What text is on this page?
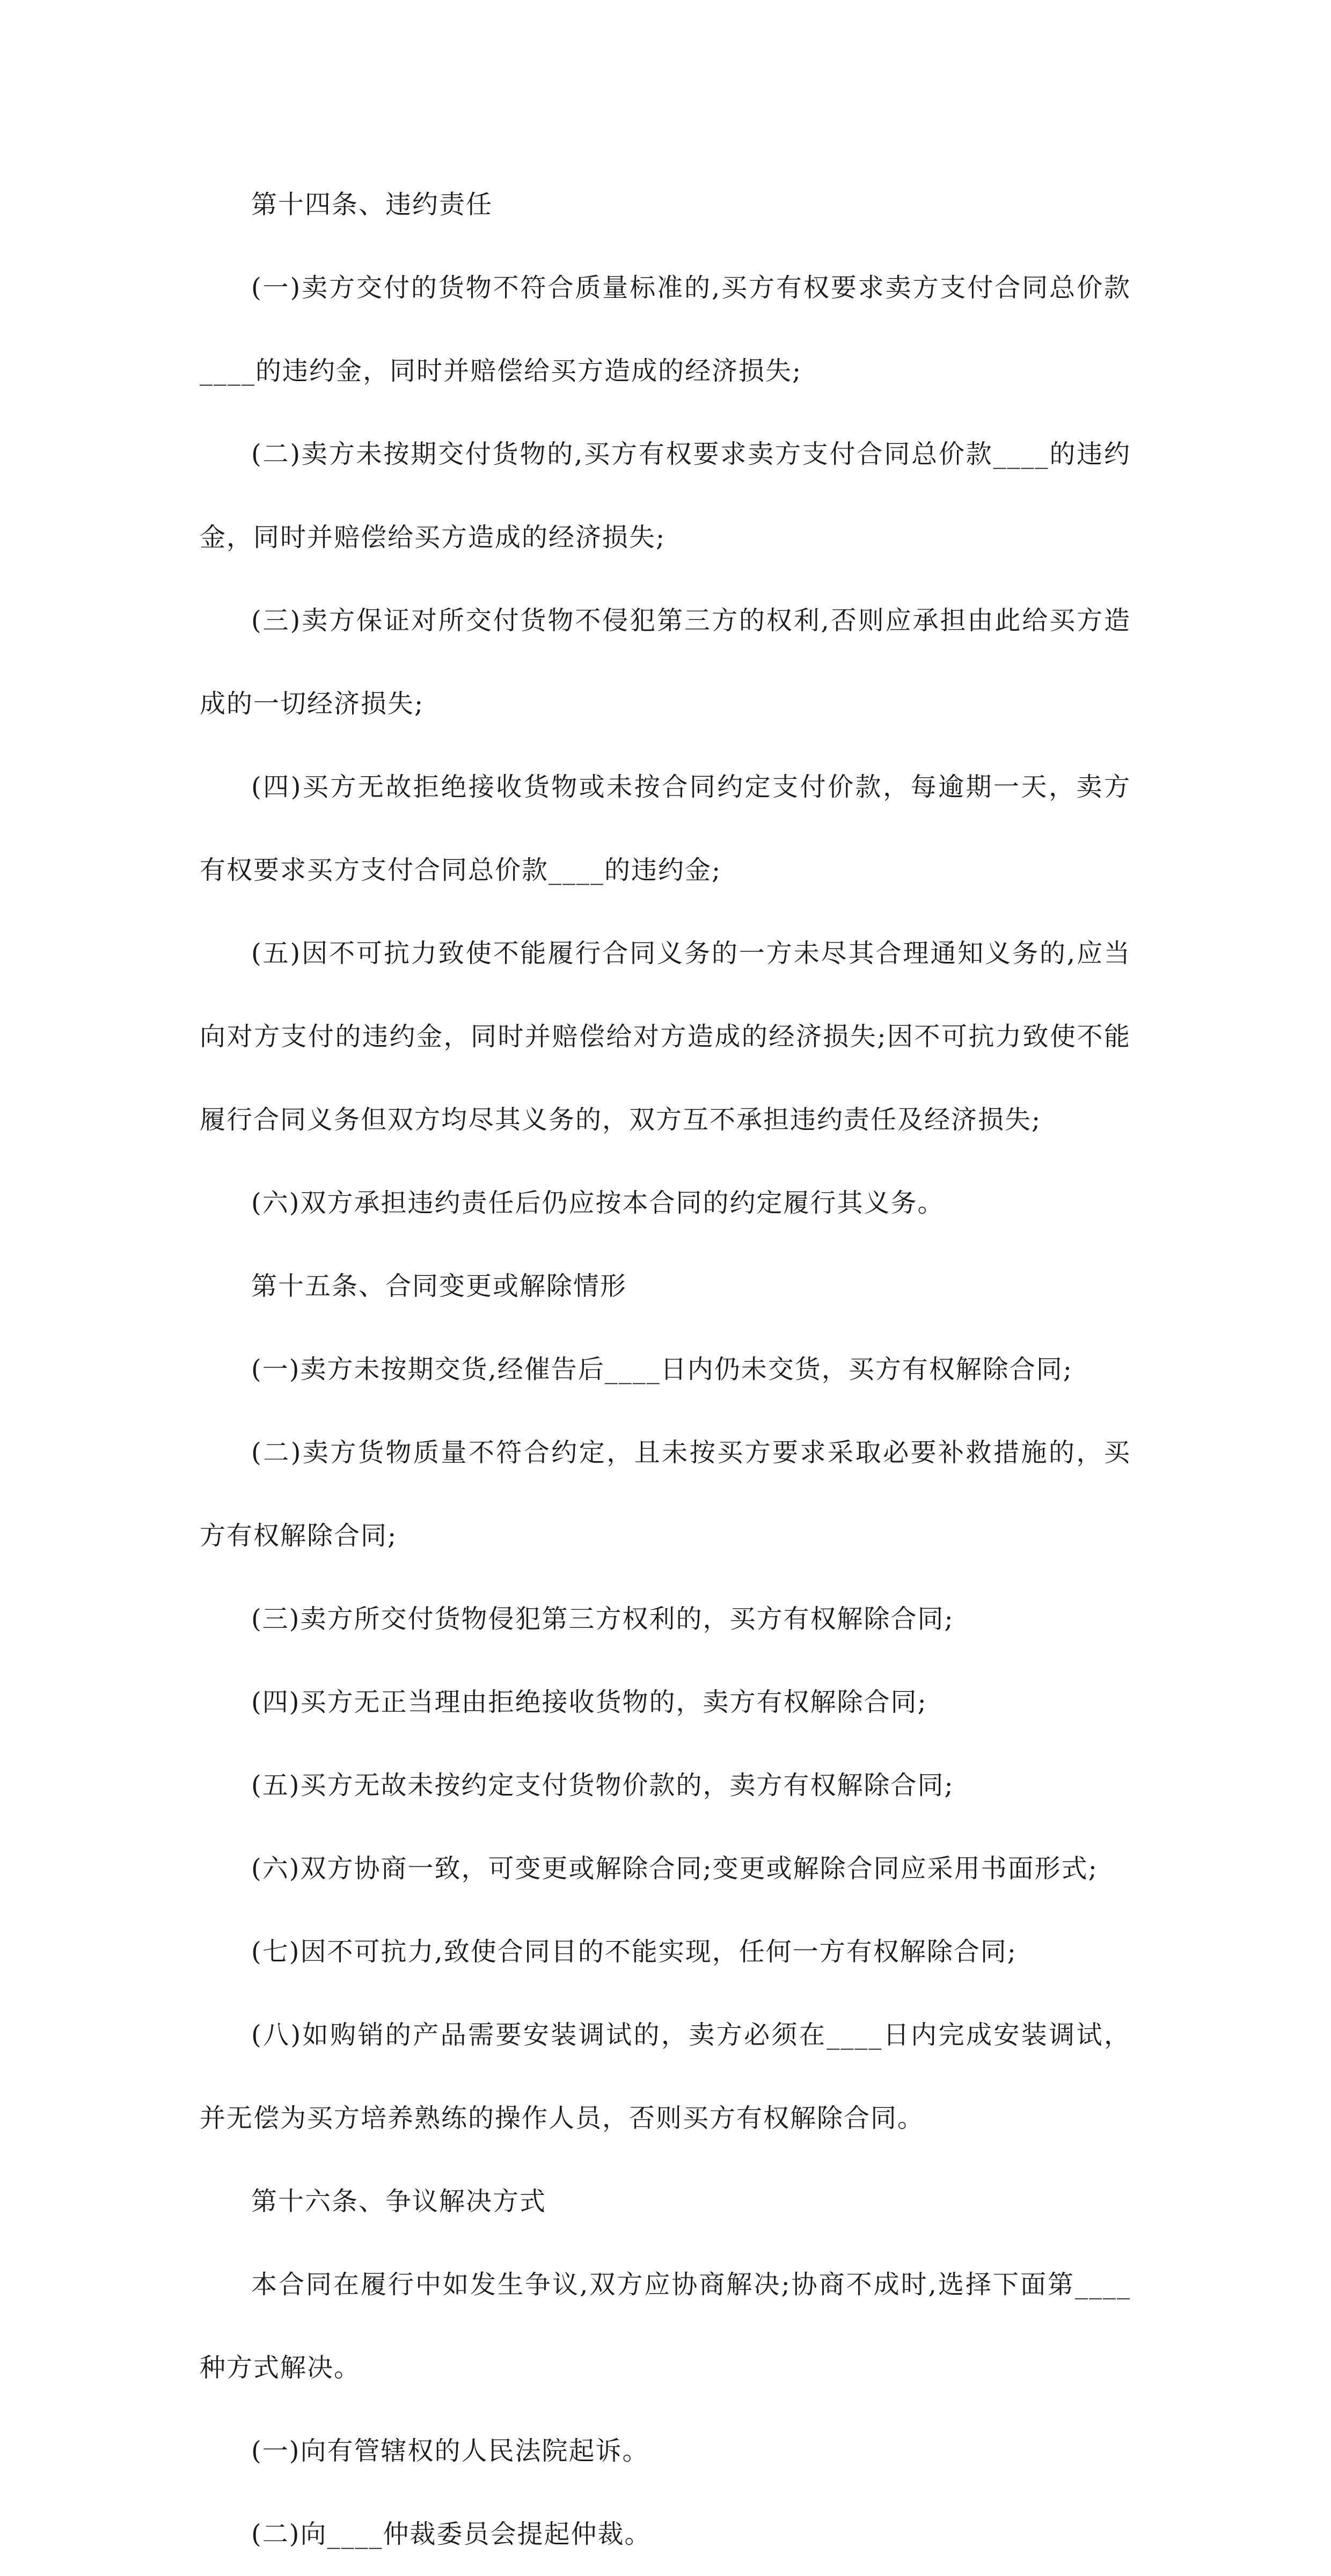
第十四条、违约责任

(一)卖方交付的货物不符合质量标准的,买方有权要求卖方支付合同总价款____的违约金，同时并赔偿给买方造成的经济损失;

(二)卖方未按期交付货物的,买方有权要求卖方支付合同总价款____的违约金，同时并赔偿给买方造成的经济损失;

(三)卖方保证对所交付货物不侵犯第三方的权利,否则应承担由此给买方造成的一切经济损失;

(四)买方无故拒绝接收货物或未按合同约定支付价款，每逾期一天，卖方有权要求买方支付合同总价款____的违约金;

(五)因不可抗力致使不能履行合同义务的一方未尽其合理通知义务的,应当向对方支付的违约金，同时并赔偿给对方造成的经济损失;因不可抗力致使不能履行合同义务但双方均尽其义务的，双方互不承担违约责任及经济损失;

(六)双方承担违约责任后仍应按本合同的约定履行其义务。

第十五条、合同变更或解除情形

(一)卖方未按期交货,经催告后____日内仍未交货，买方有权解除合同;

(二)卖方货物质量不符合约定，且未按买方要求采取必要补救措施的，买方有权解除合同;

(三)卖方所交付货物侵犯第三方权利的，买方有权解除合同;

(四)买方无正当理由拒绝接收货物的，卖方有权解除合同;

(五)买方无故未按约定支付货物价款的，卖方有权解除合同;

(六)双方协商一致，可变更或解除合同;变更或解除合同应采用书面形式;

(七)因不可抗力,致使合同目的不能实现，任何一方有权解除合同;

(八)如购销的产品需要安装调试的，卖方必须在____日内完成安装调试，并无偿为买方培养熟练的操作人员，否则买方有权解除合同。

第十六条、争议解决方式

本合同在履行中如发生争议,双方应协商解决;协商不成时,选择下面第____种方式解决。

(一)向有管辖权的人民法院起诉。

(二)向____仲裁委员会提起仲裁。
